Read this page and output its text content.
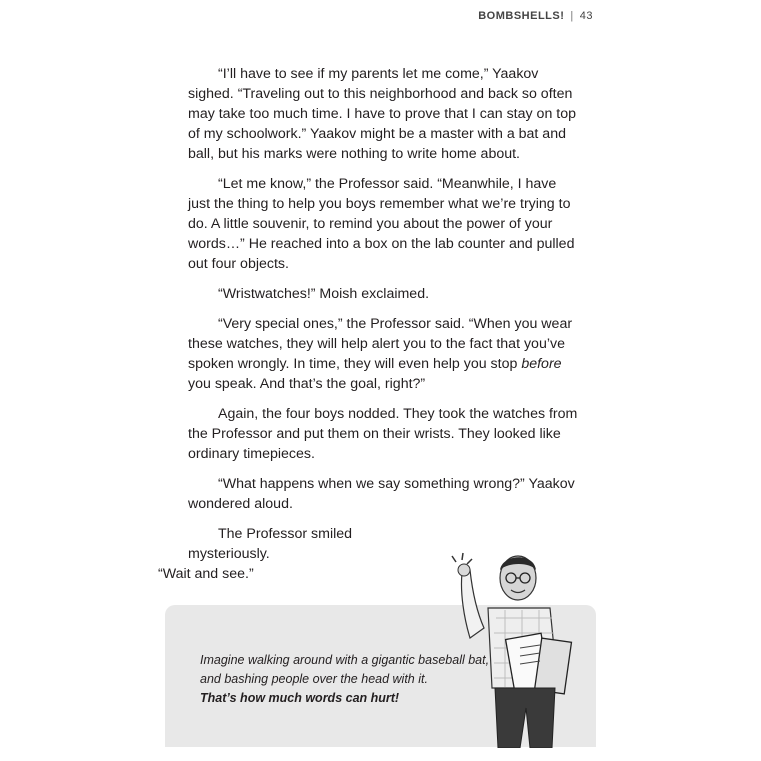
BOMBSHELLS! | 43

“I’ll have to see if my parents let me come,” Yaakov sighed. “Traveling out to this neighborhood and back so often may take too much time. I have to prove that I can stay on top of my schoolwork.” Yaakov might be a master with a bat and ball, but his marks were nothing to write home about.

“Let me know,” the Professor said. “Meanwhile, I have just the thing to help you boys remember what we’re trying to do. A little souvenir, to remind you about the power of your words…” He reached into a box on the lab counter and pulled out four objects.

“Wristwatches!” Moish exclaimed.

“Very special ones,” the Professor said. “When you wear these watches, they will help alert you to the fact that you’ve spoken wrongly. In time, they will even help you stop before you speak. And that’s the goal, right?”

Again, the four boys nodded. They took the watches from the Professor and put them on their wrists. They looked like ordinary timepieces.

“What happens when we say something wrong?” Yaakov wondered aloud.

The Professor smiled mysteriously.
“Wait and see.”

Imagine walking around with a gigantic baseball bat, and bashing people over the head with it.
That’s how much words can hurt!
